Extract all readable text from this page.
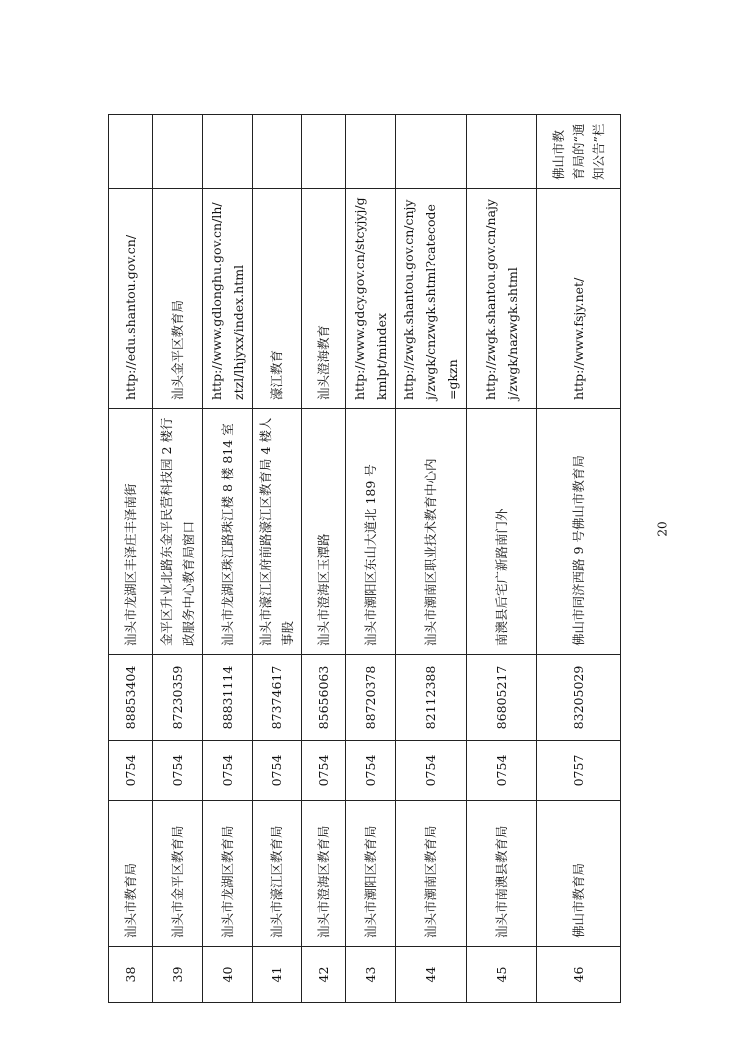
38	汕头市教育局	0754	88853404	汕头市龙湖区丰泽庄丰泽南街	http://edu.shantou.gov.cn/	
39	汕头市金平区教育局	0754	87230359	金平区升业北路东金平民营科技园 2 楼行政服务中心教育局窗口	汕头金平区教育局	
40	汕头市龙湖区教育局	0754	88831114	汕头市龙湖区珠江路珠江楼 8 楼 814 室	http://www.gdlonghu.gov.cn/lh/ztzl/lhjyxx/index.html	
41	汕头市濠江区教育局	0754	87374617	汕头市濠江区府前路濠江区教育局 4 楼人事股	濠江教育	
42	汕头市澄海区教育局	0754	85656063	汕头市澄海区玉潭路	汕头澄海教育	
43	汕头市潮阳区教育局	0754	88720378	汕头市潮阳区东山大道北 189 号	http://www.gdcy.gov.cn/stcyjyj/gkmlpt/mindex	
44	汕头市潮南区教育局	0754	82112388	汕头市潮南区职业技术教育中心内	http://zwgk.shantou.gov.cn/cnjyj/zwgk/cnzwgk.shtml?catecode=gkzn	
45	汕头市南澳县教育局	0754	86805217	南澳县后宅广新路南门外	http://zwgk.shantou.gov.cn/najyj/zwgk/nazwgk.shtml	
46	佛山市教育局	0757	83205029	佛山市同济西路 9 号佛山市教育局	http://www.fsjy.net/	佛山市教育局的“通知公告”栏
20
